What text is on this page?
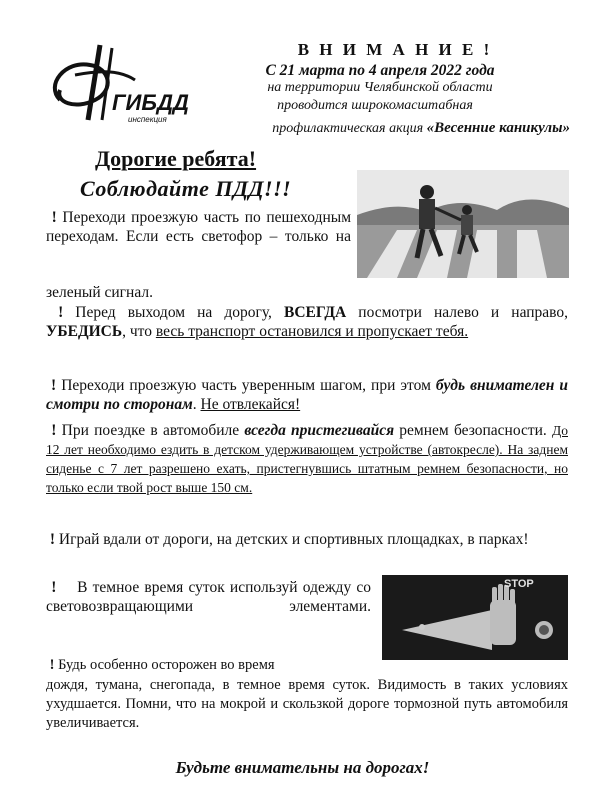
ГИБДД
инспекция
В Н И М А Н И Е !
С 21 марта по 4 апреля 2022 года
на территории Челябинской области
проводится широкомасштабная
профилактическая акция «Весенние каникулы»
Дорогие ребята!
Соблюдайте ПДД!!!
! Переходи проезжую часть по пешеходным переходам. Если есть светофор – только на
зеленый сигнал.
! Перед выходом на дорогу, ВСЕГДА посмотри налево и направо, УБЕДИСЬ, что весь транспорт остановился и пропускает тебя.
! Переходи проезжую часть уверенным шагом, при этом будь внимателен и смотри по сторонам. Не отвлекайся!
! При поездке в автомобиле всегда пристегивайся ремнем безопасности. До 12 лет необходимо ездить в детском удерживающем устройстве (автокресле). На заднем сиденье с 7 лет разрешено ехать, пристегнувшись штатным ремнем безопасности, но только если твой рост выше 150 см.
! Играй вдали от дороги, на детских и спортивных площадках, в парках!
! В темное время суток используй одежду со световозвращающими элементами.
STOP
! Будь особенно осторожен во время
дождя, тумана, снегопада, в темное время суток. Видимость в таких условиях ухудшается. Помни, что на мокрой и скользкой дороге тормозной путь автомобиля увеличивается.
Будьте внимательны на дорогах!
